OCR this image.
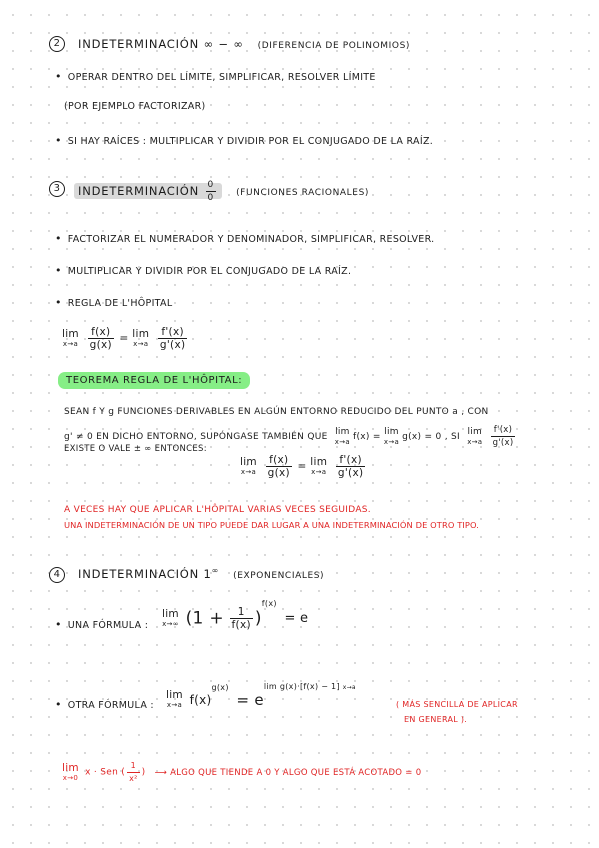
2	INDETERMINACIÓN ∞ − ∞ (DIFERENCIA DE POLINOMIOS)
• OPERAR DENTRO DEL LÍMITE, SIMPLIFICAR, RESOLVER LÍMITE
(POR EJEMPLO FACTORIZAR)
• SI HAY RAÍCES : MULTIPLICAR Y DIVIDIR POR EL CONJUGADO DE LA RAÍZ.
3	INDETERMINACIÓN $\frac{0}{0}$ (FUNCIONES RACIONALES)
• FACTORIZAR EL NUMERADOR Y DENOMINADOR, SIMPLIFICAR, RESOLVER.
• MULTIPLICAR Y DIVIDIR POR EL CONJUGADO DE LA RAÍZ.
• REGLA DE L'HÔPITAL
lim
x→a
$\frac{f(x)}{g(x)} = \lim$
x→a
$\frac{f'(x)}{g'(x)}$
TEOREMA REGLA DE L'HÔPITAL:
SEAN f Y g FUNCIONES DERIVABLES EN ALGÚN ENTORNO REDUCIDO DEL PUNTO a , CON
g' ≠ 0 EN DICHO ENTORNO, SUPÓNGASE TAMBIÉN QUE
lim
x→a f(x) =
lim
x→a g(x) = 0 , SI
lim
x→a
$\frac{f'(x)}{g'(x)}$
EXISTE O VALE ± ∞ ENTONCES:
lim
x→a
$\frac{f(x)}{g(x)} = \lim$
x→a
$\frac{f'(x)}{g'(x)}$
A VECES HAY QUE APLICAR L'HÔPITAL VARIAS VECES SEGUIDAS.
UNA INDETERMINACIÓN DE UN TIPO PUEDE DAR LUGAR A UNA INDETERMINACIÓN DE OTRO TIPO.
4	INDETERMINACIÓN 1∞(EXPONENCIALES)
• UNA FÓRMULA :
lim
x→∞ $(1 + \frac{1}{f(x)} )^{f(x)} = e$
• OTRA FÓRMULA :
lim
x→a $f(x)^{g(x)} = e^{lim g(x)\cdot[f(x) - 1] x\to a}$
( MÁS SENCILLA DE APLICAR
EN GENERAL ).
lim
x→0 x · Sen ( $\frac{1}{\text{x²}}$ ) ⟶ ALGO QUE TIENDE A 0 Y ALGO QUE ESTÁ ACOTADO = 0
